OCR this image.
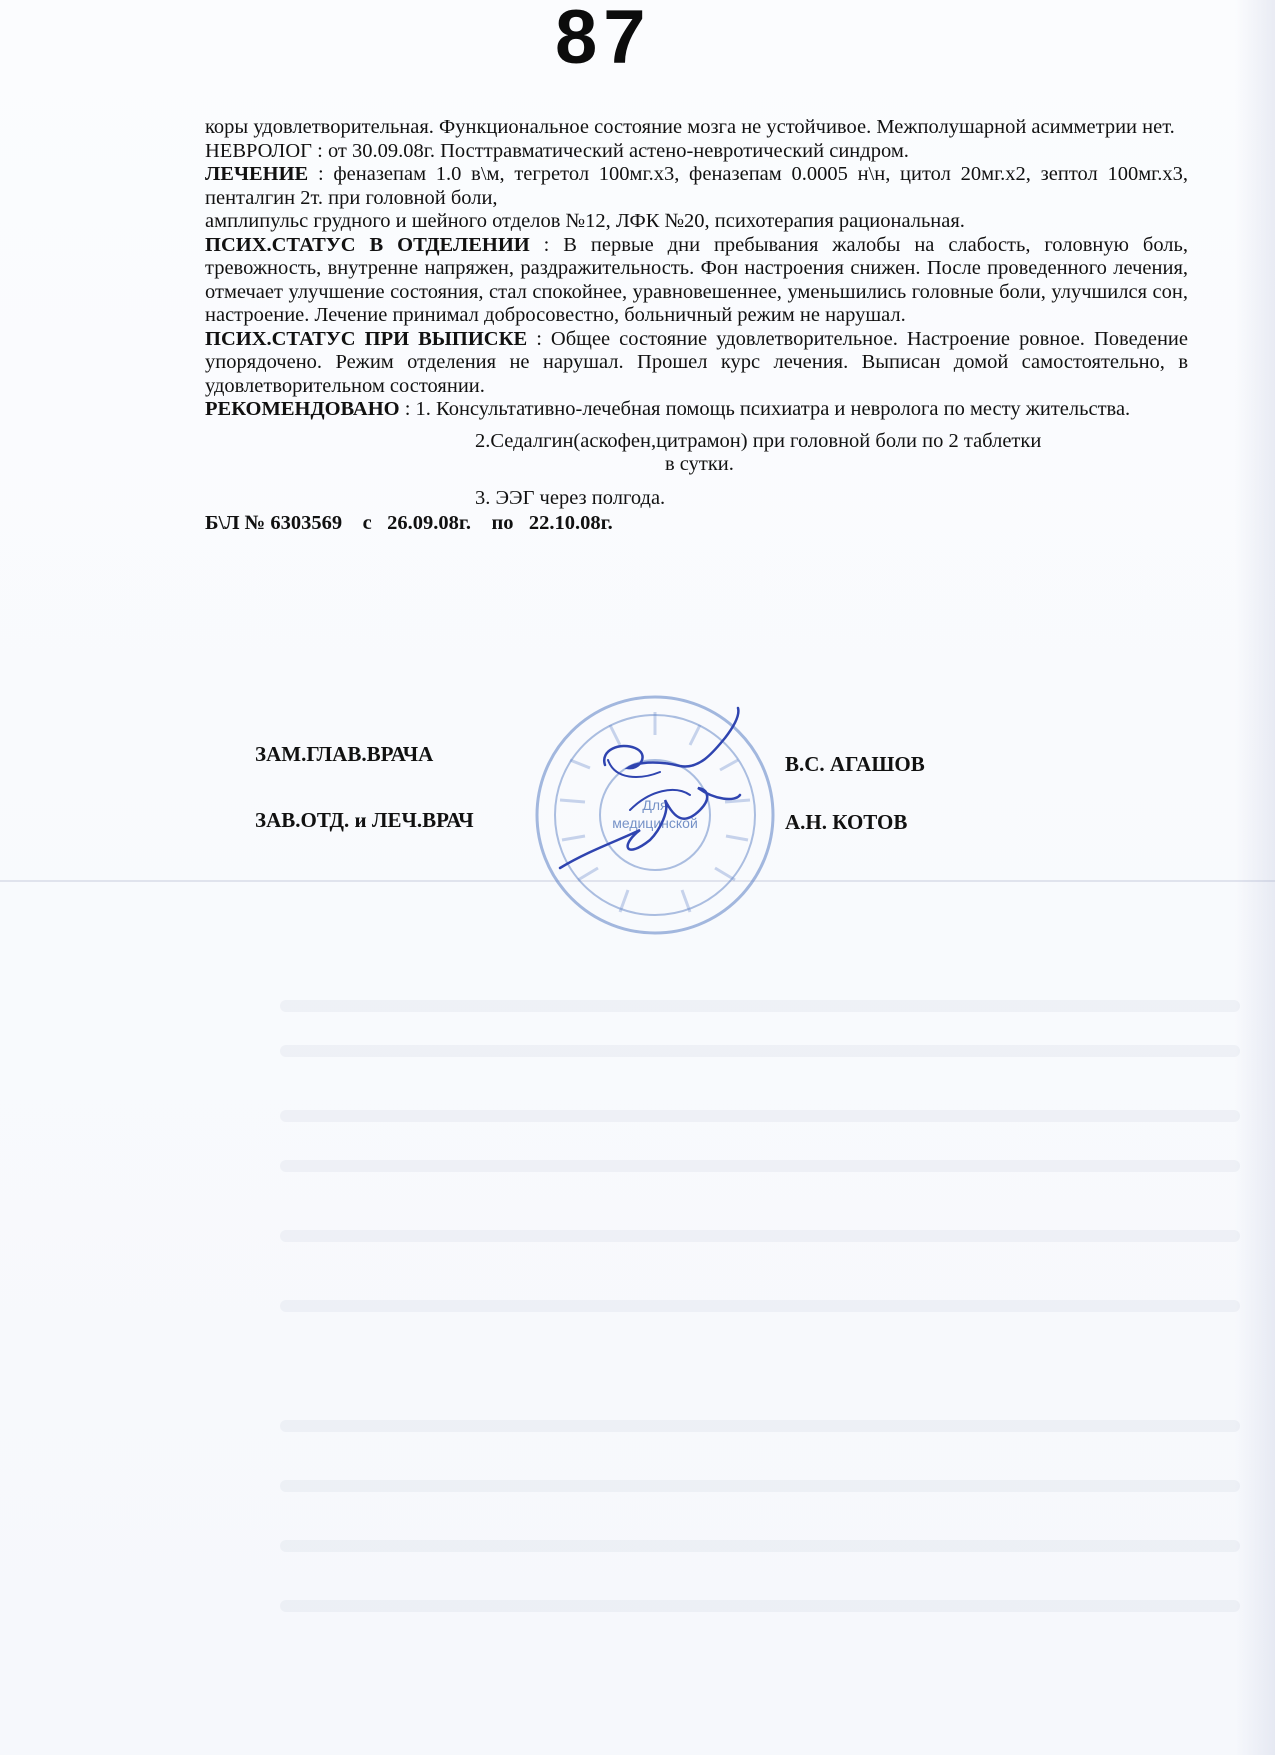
87

коры удовлетворительная. Функциональное состояние мозга не устойчивое. Межполушарной асимметрии нет.

НЕВРОЛОГ : от 30.09.08г. Посттравматический астено-невротический синдром.

ЛЕЧЕНИЕ : феназепам 1.0 в\м, тегретол 100мг.х3, феназепам 0.0005 н\н, цитол 20мг.х2, зептол 100мг.х3, пенталгин 2т. при головной боли,

амплипульс грудного и шейного отделов №12, ЛФК №20, психотерапия рациональная.

ПСИХ.СТАТУС В ОТДЕЛЕНИИ : В первые дни пребывания жалобы на слабость, головную боль, тревожность, внутренне напряжен, раздражительность. Фон настроения снижен. После проведенного лечения, отмечает улучшение состояния, стал спокойнее, уравновешеннее, уменьшились головные боли, улучшился сон, настроение. Лечение принимал добросовестно, больничный режим не нарушал.

ПСИХ.СТАТУС ПРИ ВЫПИСКЕ : Общее состояние удовлетворительное. Настроение ровное. Поведение упорядочено. Режим отделения не нарушал. Прошел курс лечения. Выписан домой самостоятельно, в удовлетворительном состоянии.

РЕКОМЕНДОВАНО : 1. Консультативно-лечебная помощь психиатра и невролога по месту жительства.

2.Седалгин(аскофен,цитрамон) при головной боли по 2 таблетки

в сутки.

3. ЭЭГ через полгода.

Б\Л № 6303569    с   26.09.08г.    по   22.10.08г.

ЗАМ.ГЛАВ.ВРАЧА	В.С. АГАШОВ
ЗАВ.ОТД. и ЛЕЧ.ВРАЧ	А.Н. КОТОВ
Для
медицинской
